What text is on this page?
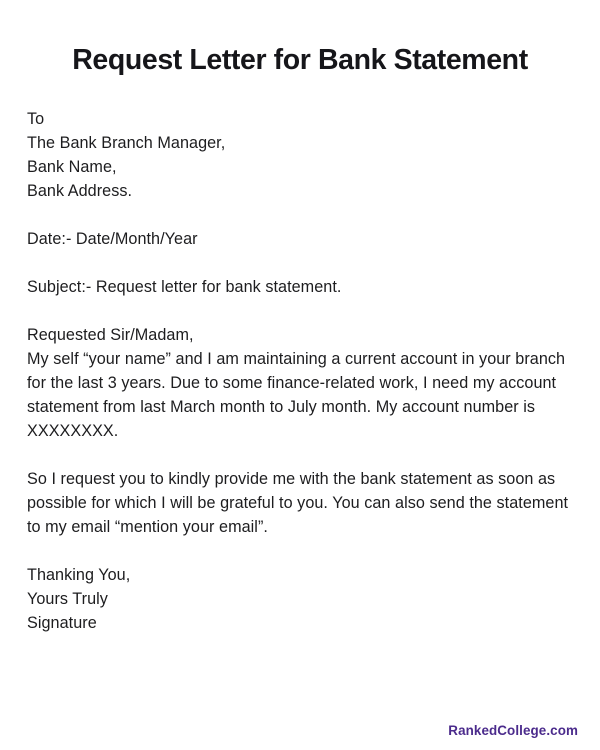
Request Letter for Bank Statement
To
The Bank Branch Manager,
Bank Name,
Bank Address.
Date:- Date/Month/Year
Subject:- Request letter for bank statement.
Requested Sir/Madam,
My self “your name” and I am maintaining a current account in your branch for the last 3 years. Due to some finance-related work, I need my account statement from last March month to July month. My account number is XXXXXXXX.
So I request you to kindly provide me with the bank statement as soon as possible for which I will be grateful to you. You can also send the statement to my email “mention your email”.
Thanking You,
Yours Truly
Signature
RankedCollege.com
